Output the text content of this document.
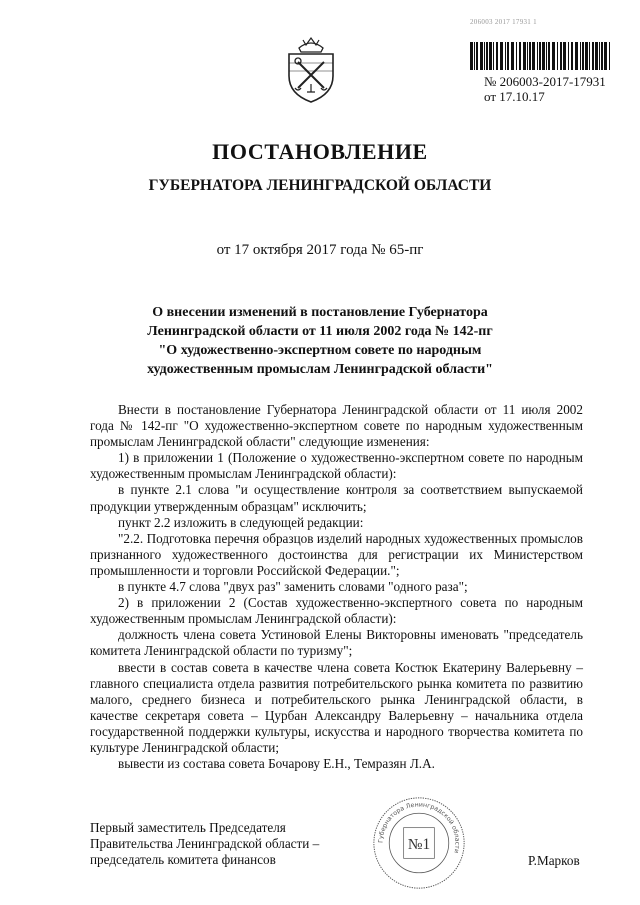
206003 2017 17931 1
№ 206003-2017-17931
от 17.10.17
ПОСТАНОВЛЕНИЕ
ГУБЕРНАТОРА ЛЕНИНГРАДСКОЙ ОБЛАСТИ
от 17 октября 2017 года № 65-пг
О внесении изменений в постановление Губернатора
Ленинградской области от 11 июля 2002 года № 142-пг
"О художественно-экспертном совете по народным
художественным промыслам Ленинградской области"

Внести в постановление Губернатора Ленинградской области от 11 июля 2002 года № 142-пг "О художественно-экспертном совете по народным художественным промыслам Ленинградской области" следующие изменения:

1) в приложении 1 (Положение о художественно-экспертном совете по народным художественным промыслам Ленинградской области):

в пункте 2.1 слова "и осуществление контроля за соответствием выпускаемой продукции утвержденным образцам" исключить;

пункт 2.2 изложить в следующей редакции:

"2.2. Подготовка перечня образцов изделий народных художественных промыслов признанного художественного достоинства для регистрации их Министерством промышленности и торговли Российской Федерации.";

в пункте 4.7 слова "двух раз" заменить словами "одного раза";

2) в приложении 2 (Состав художественно-экспертного совета по народным художественным промыслам Ленинградской области):

должность члена совета Устиновой Елены Викторовны именовать "председатель комитета Ленинградской области по туризму";

ввести в состав совета в качестве члена совета Костюк Екатерину Валерьевну – главного специалиста отдела развития потребительского рынка комитета по развитию малого, среднего бизнеса и потребительского рынка Ленинградской области, в качестве секретаря совета – Цурбан Александру Валерьевну – начальника отдела государственной поддержки культуры, искусства и народного творчества комитета по культуре Ленинградской области;

вывести из состава совета Бочарову Е.Н., Темразян Л.А.

Первый заместитель Председателя
Правительства Ленинградской области –
председатель комитета финансов
Губернатора Ленинградской области
№1
Р.Марков
